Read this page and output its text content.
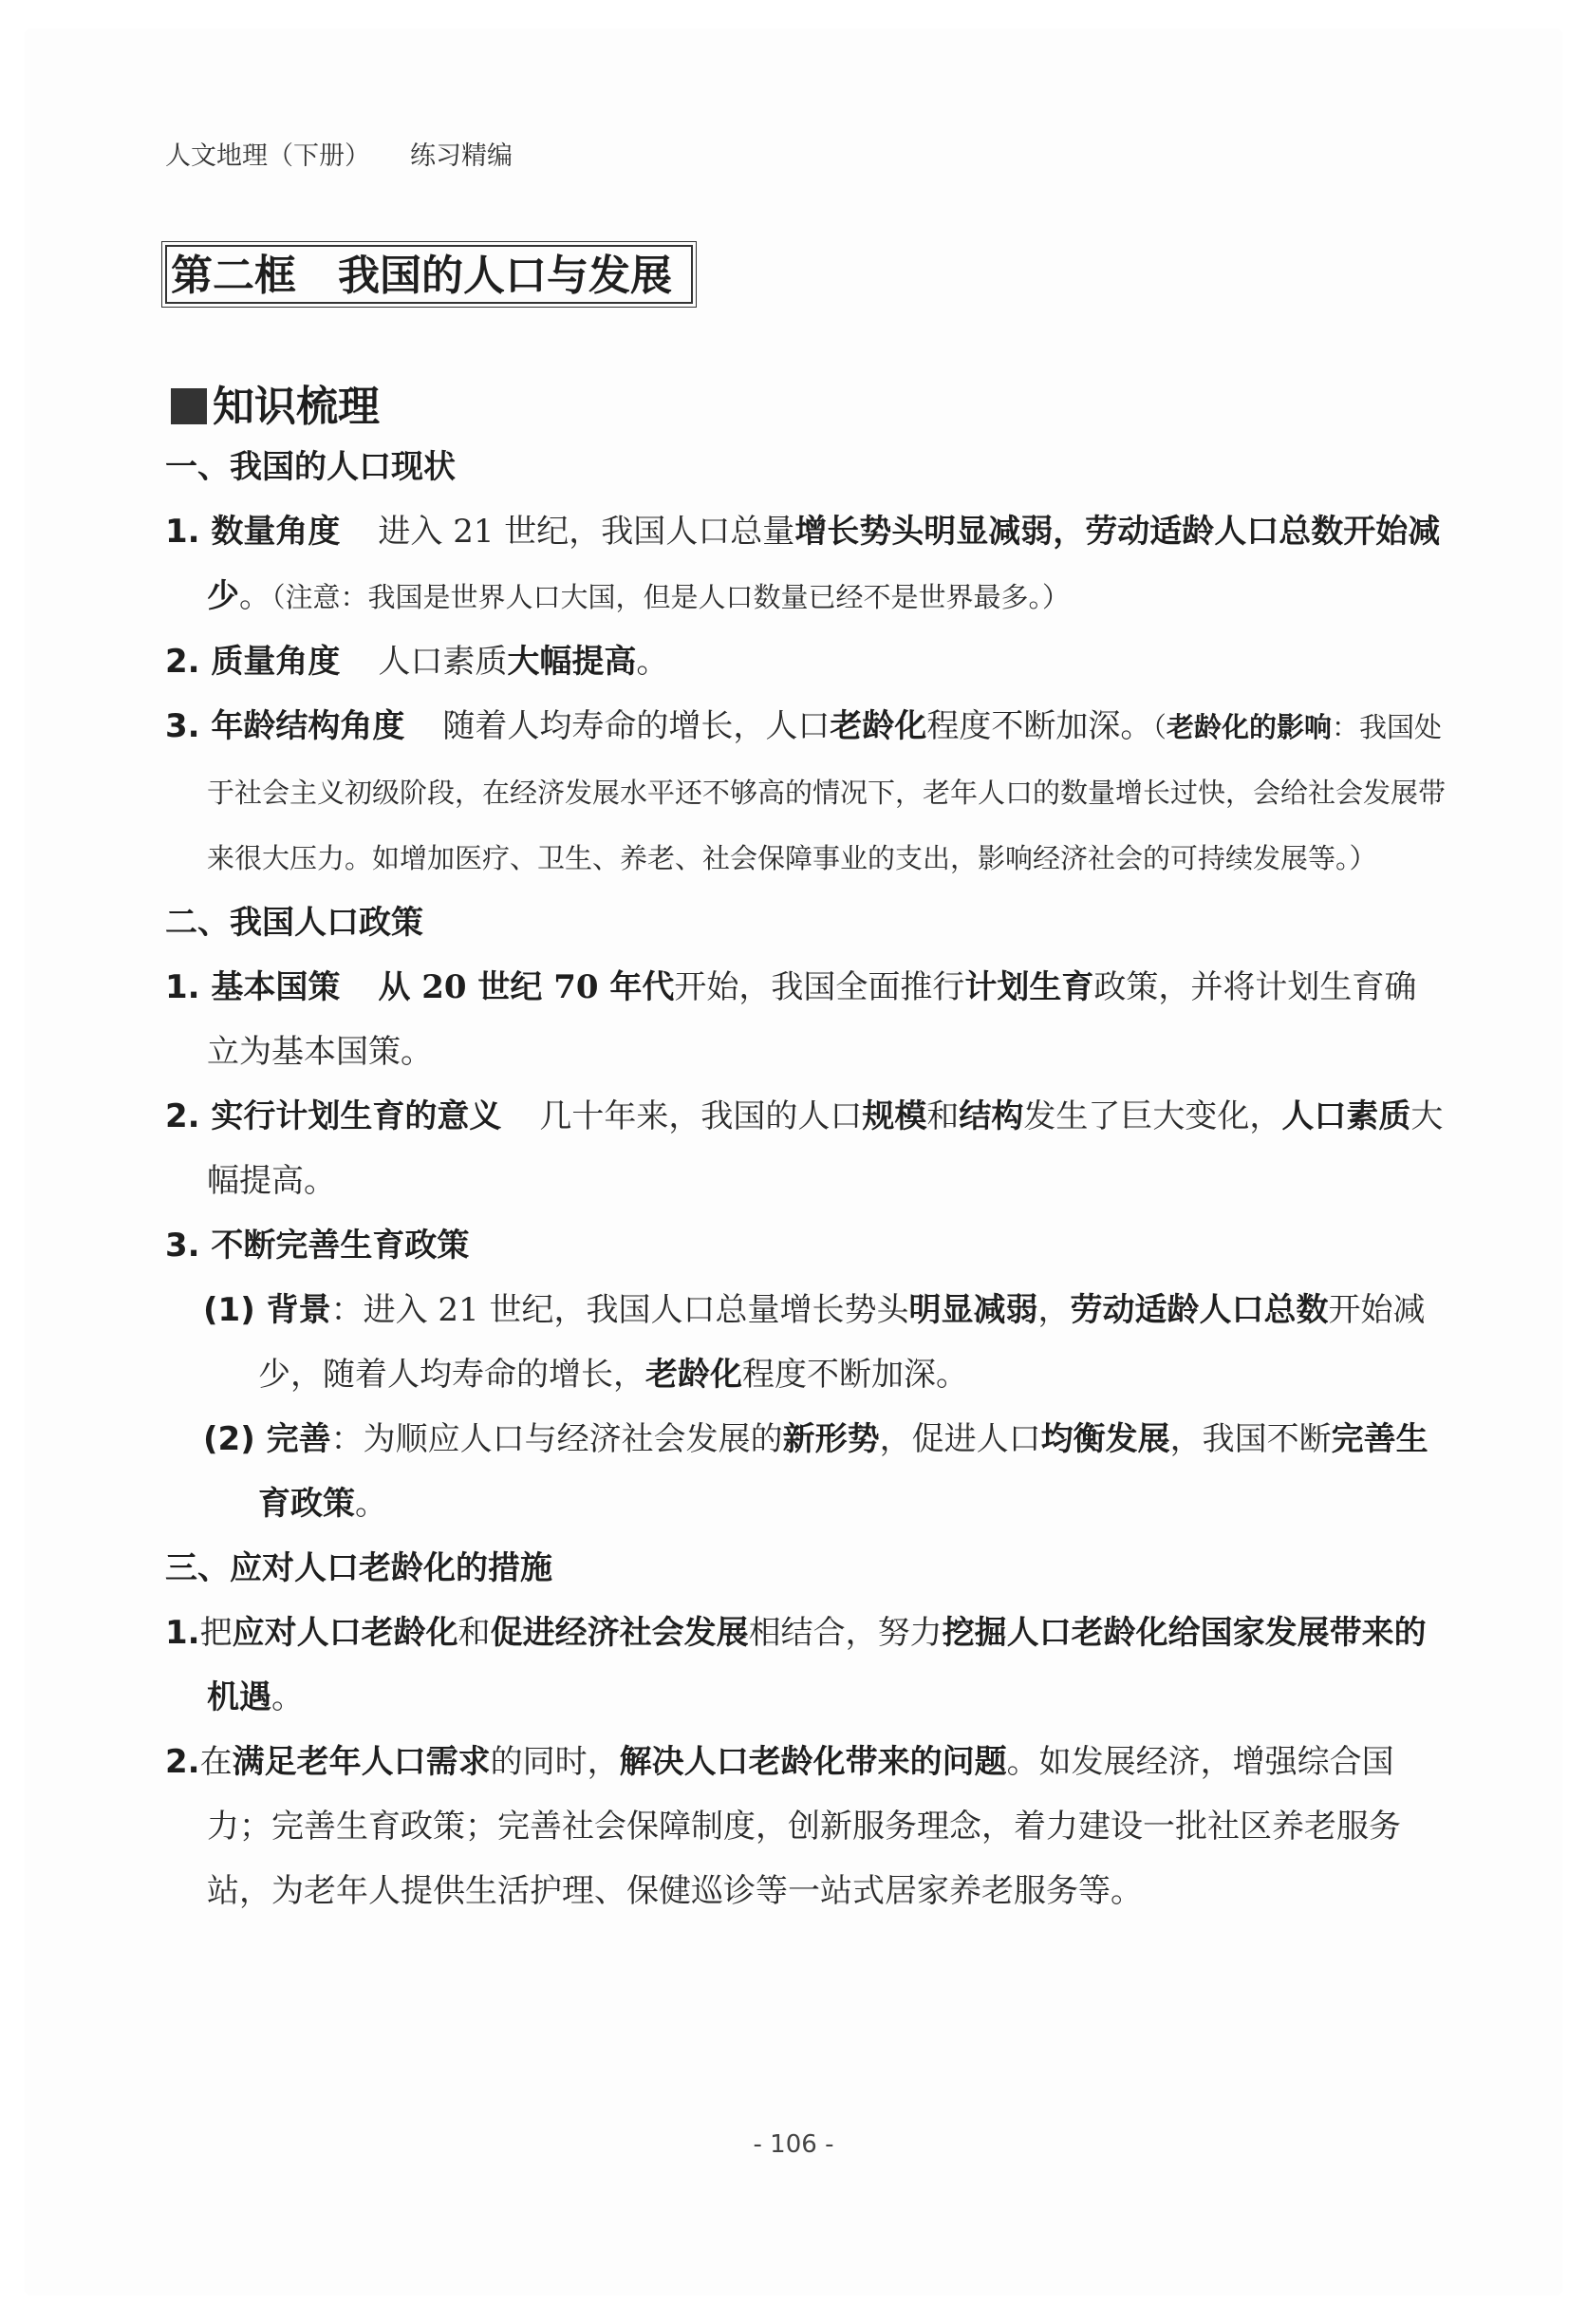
人文地理（下册） 练习精编
第二框 我国的人口与发展
知识梳理
一、我国的人口现状
1. 数量角度 进入 21 世纪，我国人口总量增长势头明显减弱，劳动适龄人口总数开始减少。（注意：我国是世界人口大国，但是人口数量已经不是世界最多。）
2. 质量角度 人口素质大幅提高。
3. 年龄结构角度 随着人均寿命的增长，人口老龄化程度不断加深。（老龄化的影响：我国处于社会主义初级阶段，在经济发展水平还不够高的情况下，老年人口的数量增长过快，会给社会发展带来很大压力。如增加医疗、卫生、养老、社会保障事业的支出，影响经济社会的可持续发展等。）
二、我国人口政策
1. 基本国策 从 20 世纪 70 年代开始，我国全面推行计划生育政策，并将计划生育确立为基本国策。
2. 实行计划生育的意义 几十年来，我国的人口规模和结构发生了巨大变化，人口素质大幅提高。
3. 不断完善生育政策
(1) 背景：进入 21 世纪，我国人口总量增长势头明显减弱，劳动适龄人口总数开始减少，随着人均寿命的增长，老龄化程度不断加深。
(2) 完善：为顺应人口与经济社会发展的新形势，促进人口均衡发展，我国不断完善生育政策。
三、应对人口老龄化的措施
1.把应对人口老龄化和促进经济社会发展相结合，努力挖掘人口老龄化给国家发展带来的机遇。
2.在满足老年人口需求的同时，解决人口老龄化带来的问题。如发展经济，增强综合国力；完善生育政策；完善社会保障制度，创新服务理念，着力建设一批社区养老服务站，为老年人提供生活护理、保健巡诊等一站式居家养老服务等。
- 106 -
